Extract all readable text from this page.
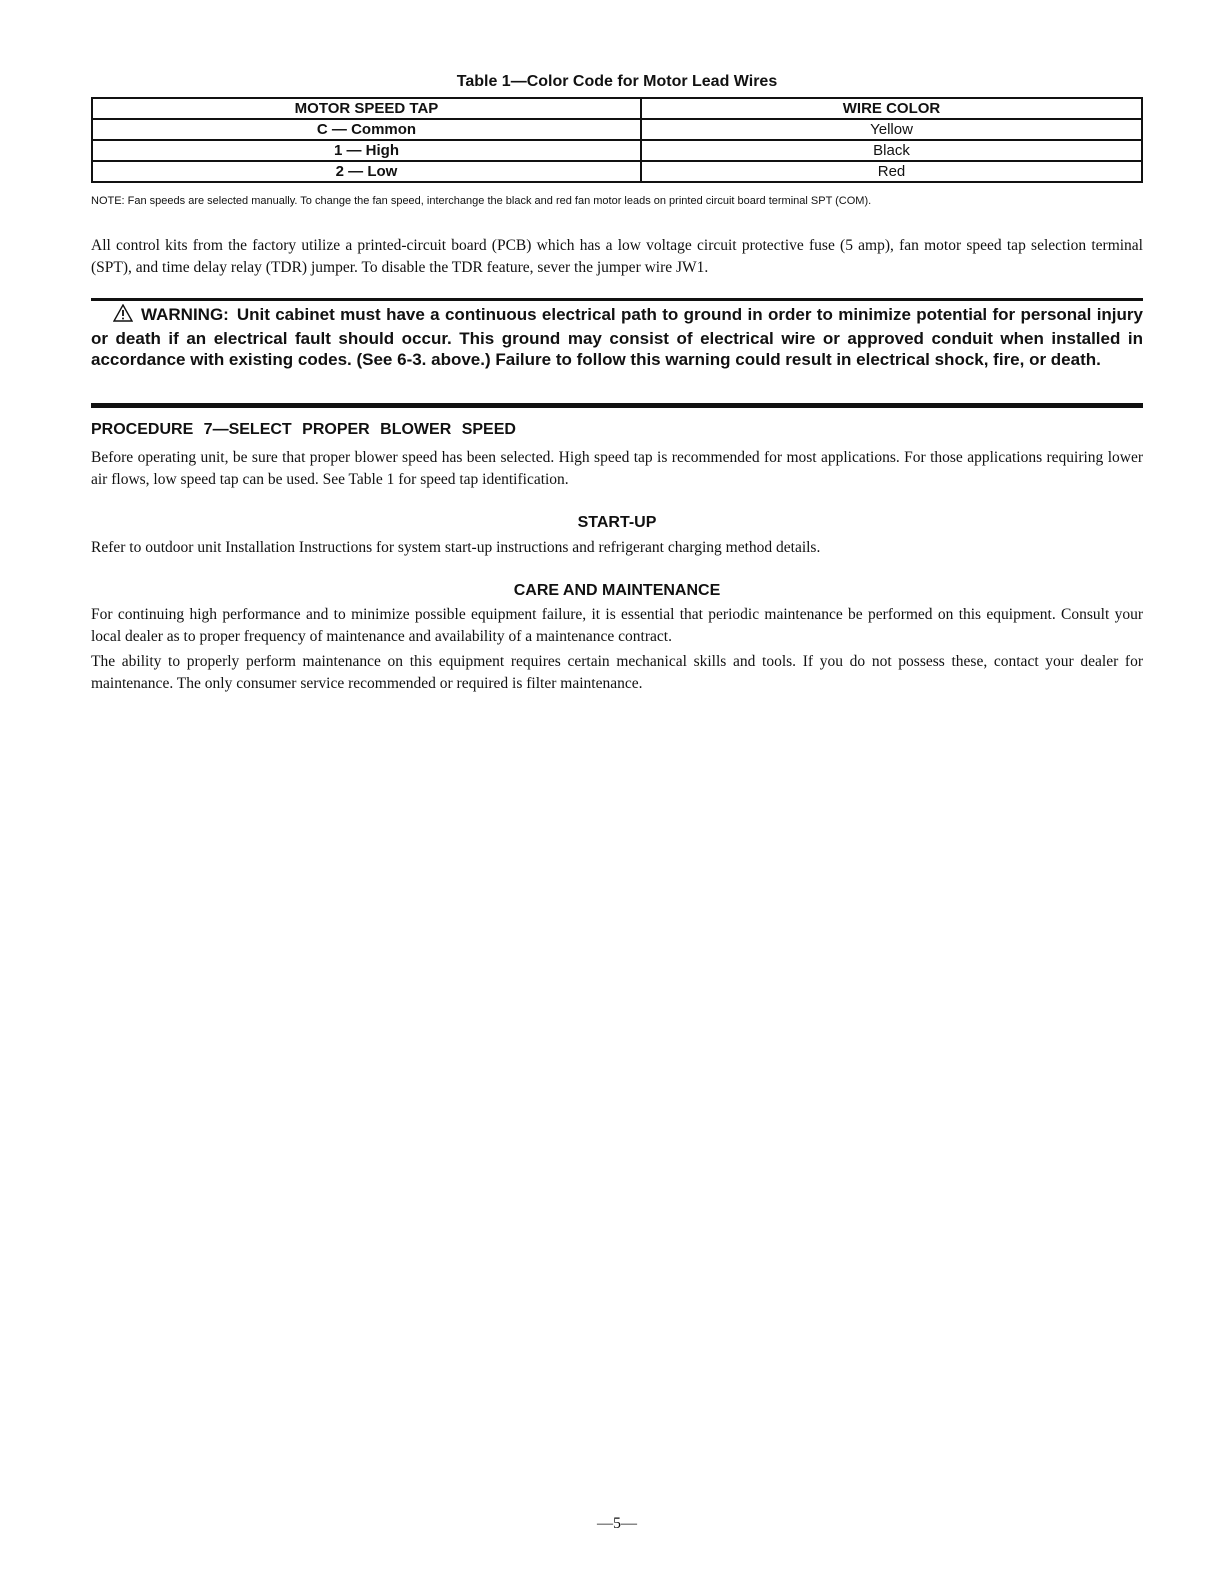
Table 1—Color Code for Motor Lead Wires
MOTOR SPEED TAP	WIRE COLOR
C — Common	Yellow
1 — High	Black
2 — Low	Red
NOTE: Fan speeds are selected manually. To change the fan speed, interchange the black and red fan motor leads on printed circuit board terminal SPT (COM).
All control kits from the factory utilize a printed-circuit board (PCB) which has a low voltage circuit protective fuse (5 amp), fan motor speed tap selection terminal (SPT), and time delay relay (TDR) jumper. To disable the TDR feature, sever the jumper wire JW1.
WARNING: Unit cabinet must have a continuous electrical path to ground in order to minimize potential for personal injury or death if an electrical fault should occur. This ground may consist of electrical wire or approved conduit when installed in accordance with existing codes. (See 6-3. above.) Failure to follow this warning could result in electrical shock, fire, or death.
PROCEDURE 7—SELECT PROPER BLOWER SPEED
Before operating unit, be sure that proper blower speed has been selected. High speed tap is recommended for most applications. For those applications requiring lower air flows, low speed tap can be used. See Table 1 for speed tap identification.
START-UP
Refer to outdoor unit Installation Instructions for system start-up instructions and refrigerant charging method details.
CARE AND MAINTENANCE
For continuing high performance and to minimize possible equipment failure, it is essential that periodic maintenance be performed on this equipment. Consult your local dealer as to proper frequency of maintenance and availability of a maintenance contract.
The ability to properly perform maintenance on this equipment requires certain mechanical skills and tools. If you do not possess these, contact your dealer for maintenance. The only consumer service recommended or required is filter maintenance.
—5—
